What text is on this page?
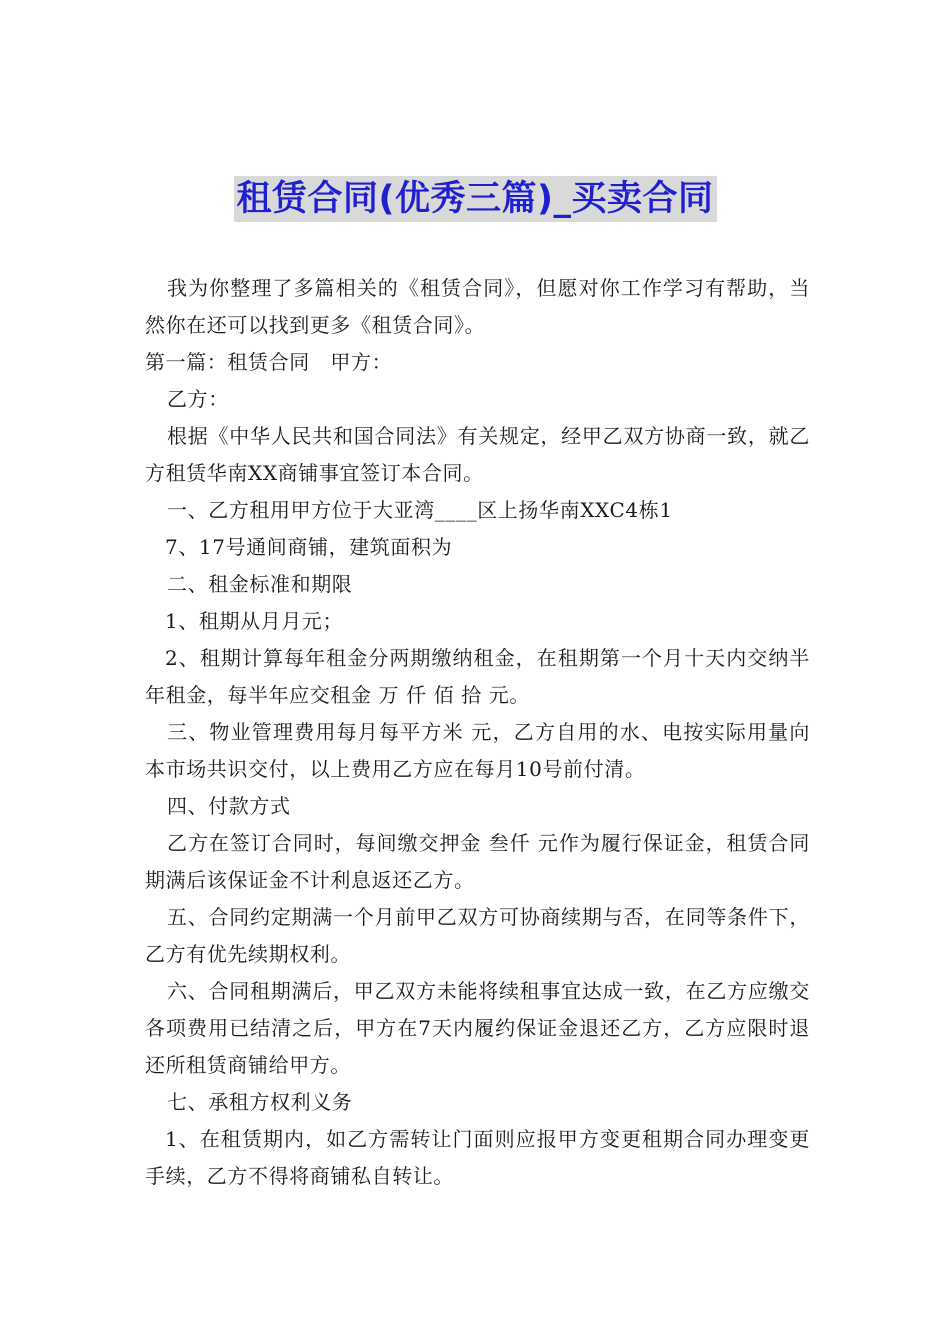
租赁合同(优秀三篇)_买卖合同

我为你整理了多篇相关的《租赁合同》，但愿对你工作学习有帮助，当然你在还可以找到更多《租赁合同》。

第一篇：租赁合同　甲方：

乙方：

根据《中华人民共和国合同法》有关规定，经甲乙双方协商一致，就乙方租赁华南XX商铺事宜签订本合同。

一、乙方租用甲方位于大亚湾____区上扬华南XXC4栋1

7、17号通间商铺，建筑面积为

二、租金标准和期限

1、租期从月月元；

2、租期计算每年租金分两期缴纳租金，在租期第一个月十天内交纳半年租金，每半年应交租金 万 仟 佰 拾 元。

三、物业管理费用每月每平方米 元，乙方自用的水、电按实际用量向本市场共识交付，以上费用乙方应在每月10号前付清。

四、付款方式

乙方在签订合同时，每间缴交押金 叁仟 元作为履行保证金，租赁合同期满后该保证金不计利息返还乙方。

五、合同约定期满一个月前甲乙双方可协商续期与否，在同等条件下，乙方有优先续期权利。

六、合同租期满后，甲乙双方未能将续租事宜达成一致，在乙方应缴交各项费用已结清之后，甲方在7天内履约保证金退还乙方，乙方应限时退还所租赁商铺给甲方。

七、承租方权利义务

1、在租赁期内，如乙方需转让门面则应报甲方变更租期合同办理变更手续，乙方不得将商铺私自转让。
